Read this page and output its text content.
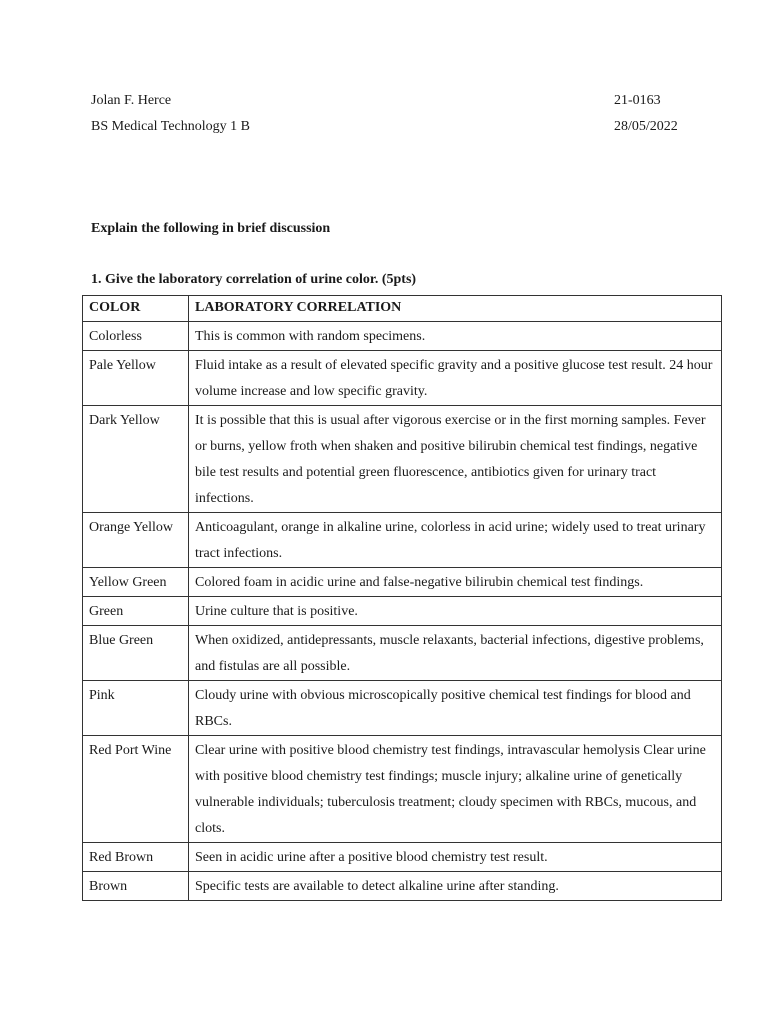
Jolan F. Herce
BS Medical Technology 1 B
21-0163
28/05/2022
Explain the following in brief discussion
1. Give the laboratory correlation of urine color. (5pts)
COLOR	LABORATORY CORRELATION

Colorless	This is common with random specimens.

Pale Yellow	Fluid intake as a result of elevated specific gravity and a positive glucose test result. 24 hour volume increase and low specific gravity.

Dark Yellow	It is possible that this is usual after vigorous exercise or in the first morning samples. Fever or burns, yellow froth when shaken and positive bilirubin chemical test findings, negative bile test results and potential green fluorescence, antibiotics given for urinary tract infections.

Orange Yellow	Anticoagulant, orange in alkaline urine, colorless in acid urine; widely used to treat urinary tract infections.

Yellow Green	Colored foam in acidic urine and false-negative bilirubin chemical test findings.

Green	Urine culture that is positive.

Blue Green	When oxidized, antidepressants, muscle relaxants, bacterial infections, digestive problems, and fistulas are all possible.

Pink	Cloudy urine with obvious microscopically positive chemical test findings for blood and RBCs.

Red Port Wine	Clear urine with positive blood chemistry test findings, intravascular hemolysis Clear urine with positive blood chemistry test findings; muscle injury; alkaline urine of genetically vulnerable individuals; tuberculosis treatment; cloudy specimen with RBCs, mucous, and clots.

Red Brown	Seen in acidic urine after a positive blood chemistry test result.

Brown	Specific tests are available to detect alkaline urine after standing.
